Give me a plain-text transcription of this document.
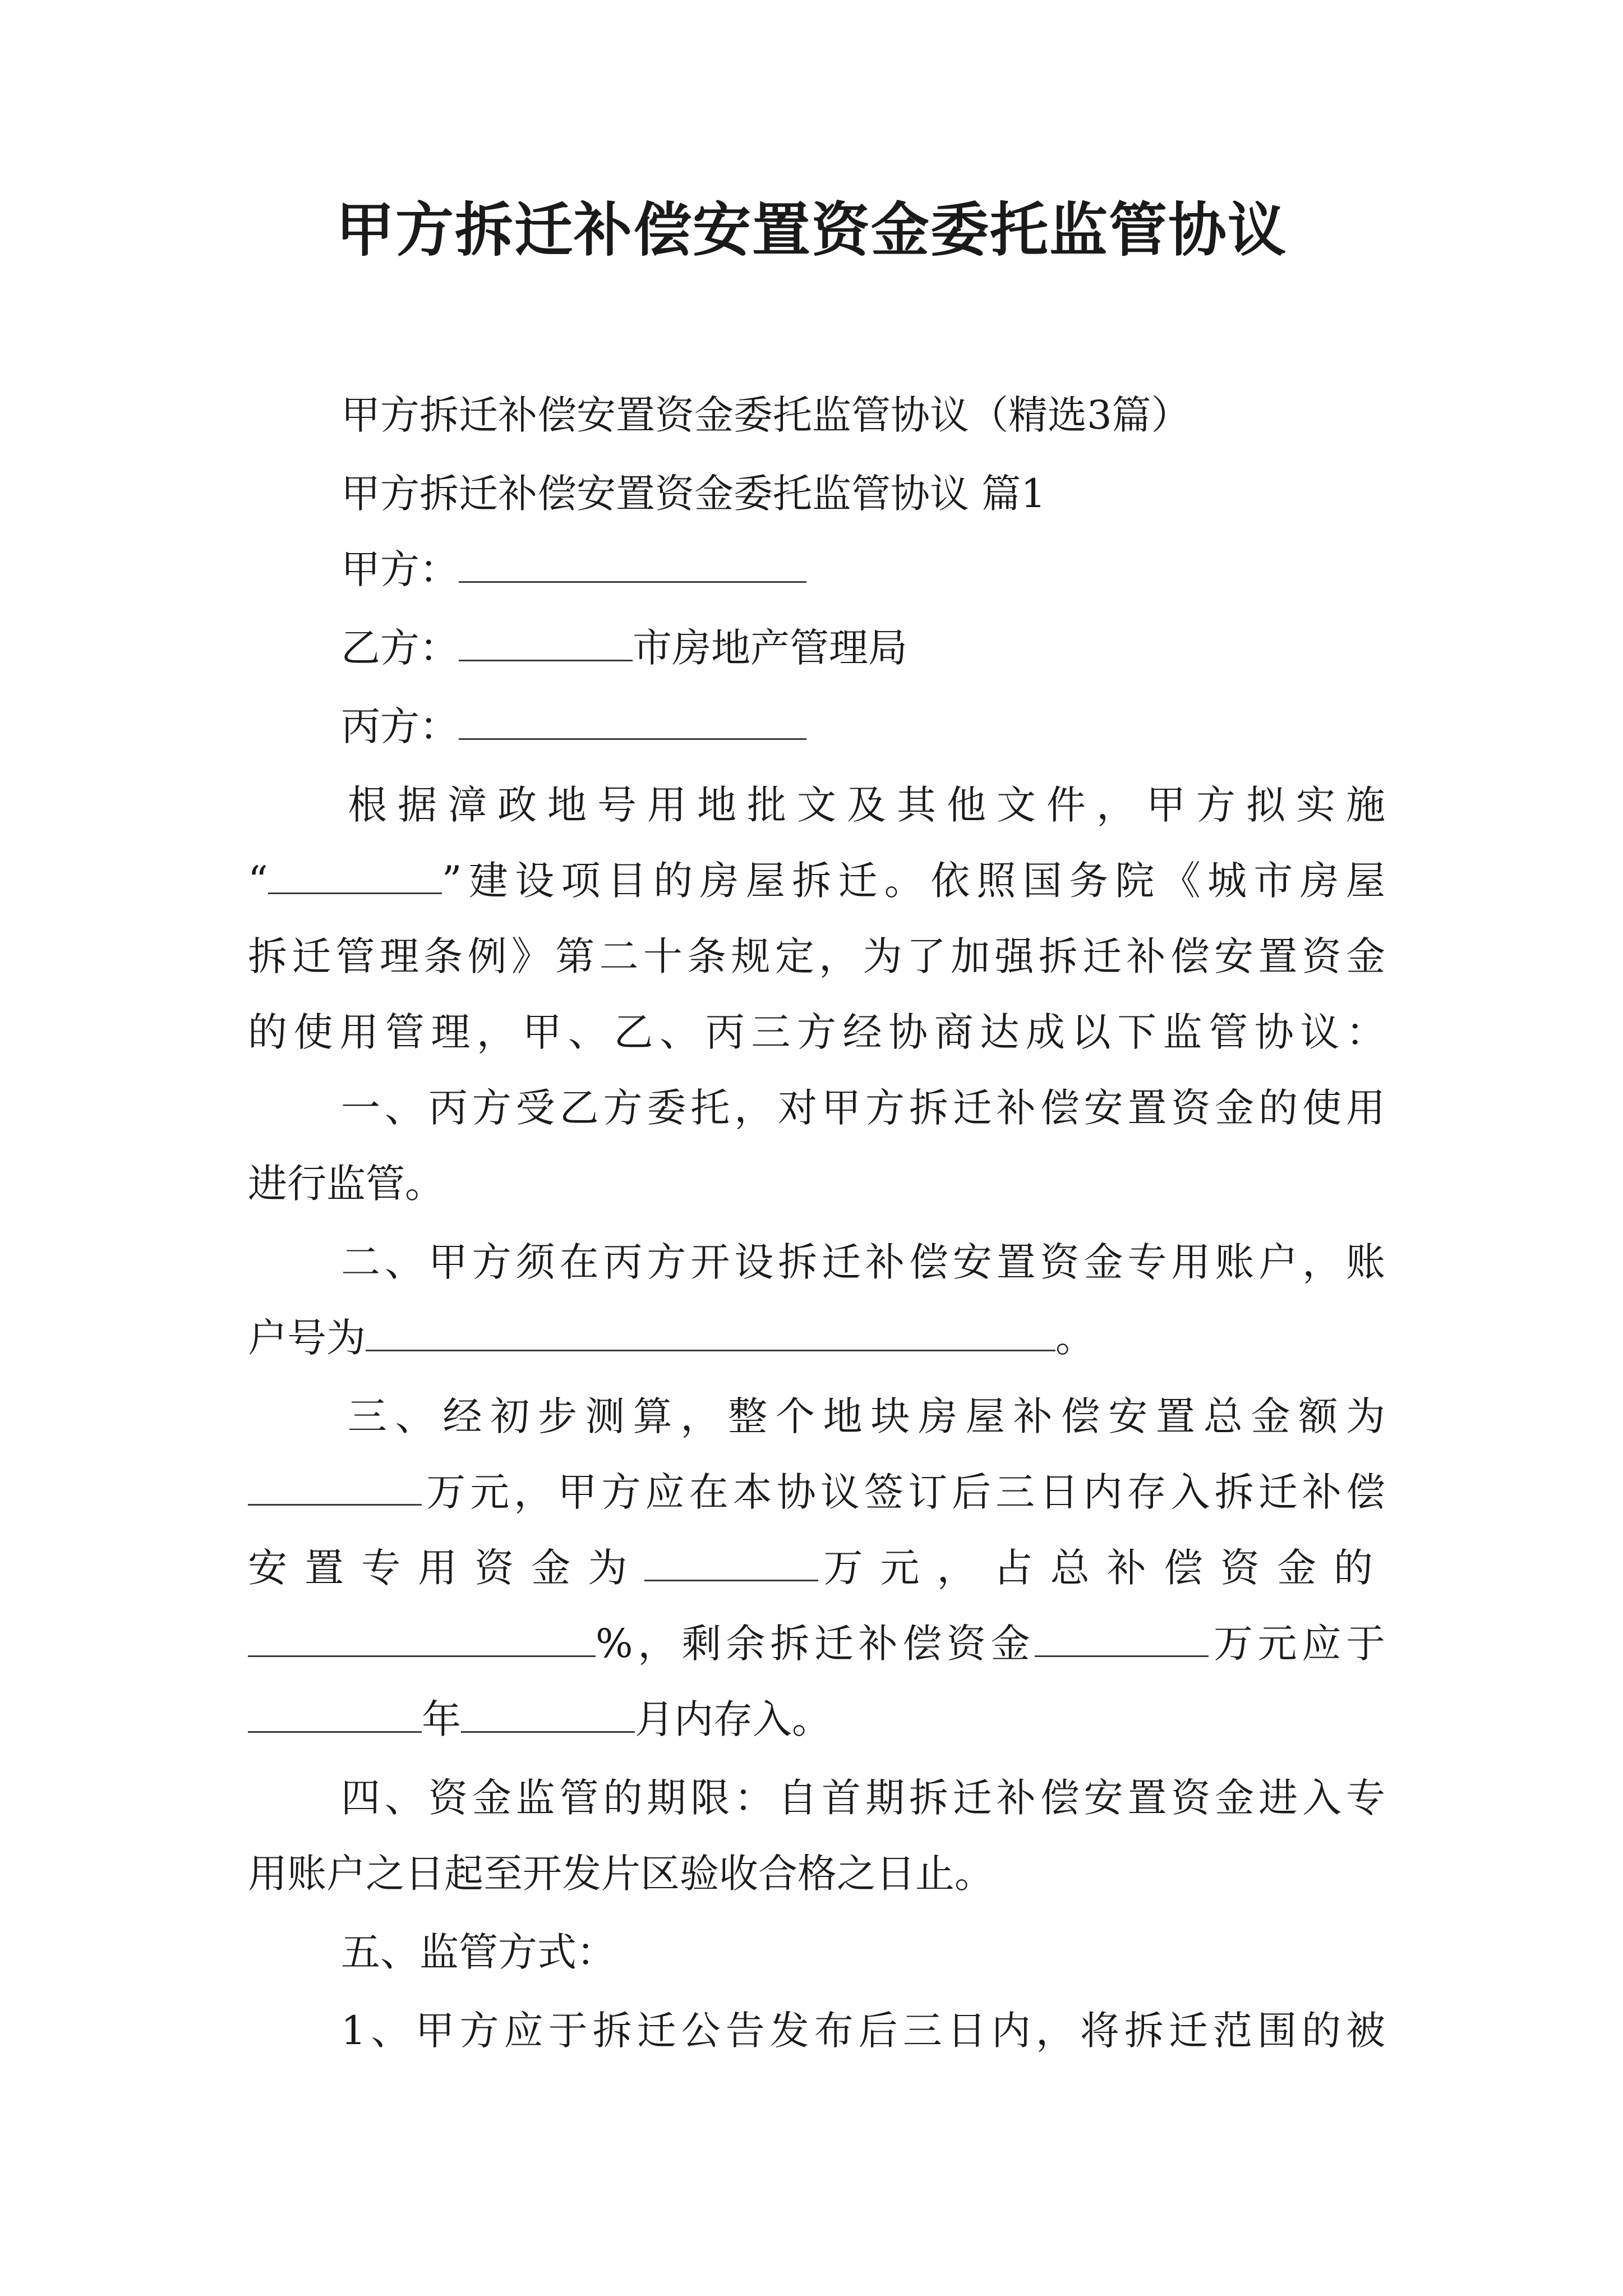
甲方拆迁补偿安置资金委托监管协议
甲方拆迁补偿安置资金委托监管协议（精选3篇）
甲方拆迁补偿安置资金委托监管协议 篇1
甲方：
乙方：	市房地产管理局
丙方：
根据漳政地号用地批文及其他文件，甲方拟实施
“	”建设项目的房屋拆迁。依照国务院《城市房屋
拆迁管理条例》第二十条规定，为了加强拆迁补偿安置资金
的使用管理，甲、乙、丙三方经协商达成以下监管协议：
一、丙方受乙方委托，对甲方拆迁补偿安置资金的使用
进行监管。
二、甲方须在丙方开设拆迁补偿安置资金专用账户，账
户号为	。
三、经初步测算，整个地块房屋补偿安置总金额为
万元，甲方应在本协议签订后三日内存入拆迁补偿
安置专用资金为	万元，占总补偿资金的
%，剩余拆迁补偿资金	万元应于
年	月内存入。
四、资金监管的期限：自首期拆迁补偿安置资金进入专
用账户之日起至开发片区验收合格之日止。
五、监管方式：
1、甲方应于拆迁公告发布后三日内，将拆迁范围的被
